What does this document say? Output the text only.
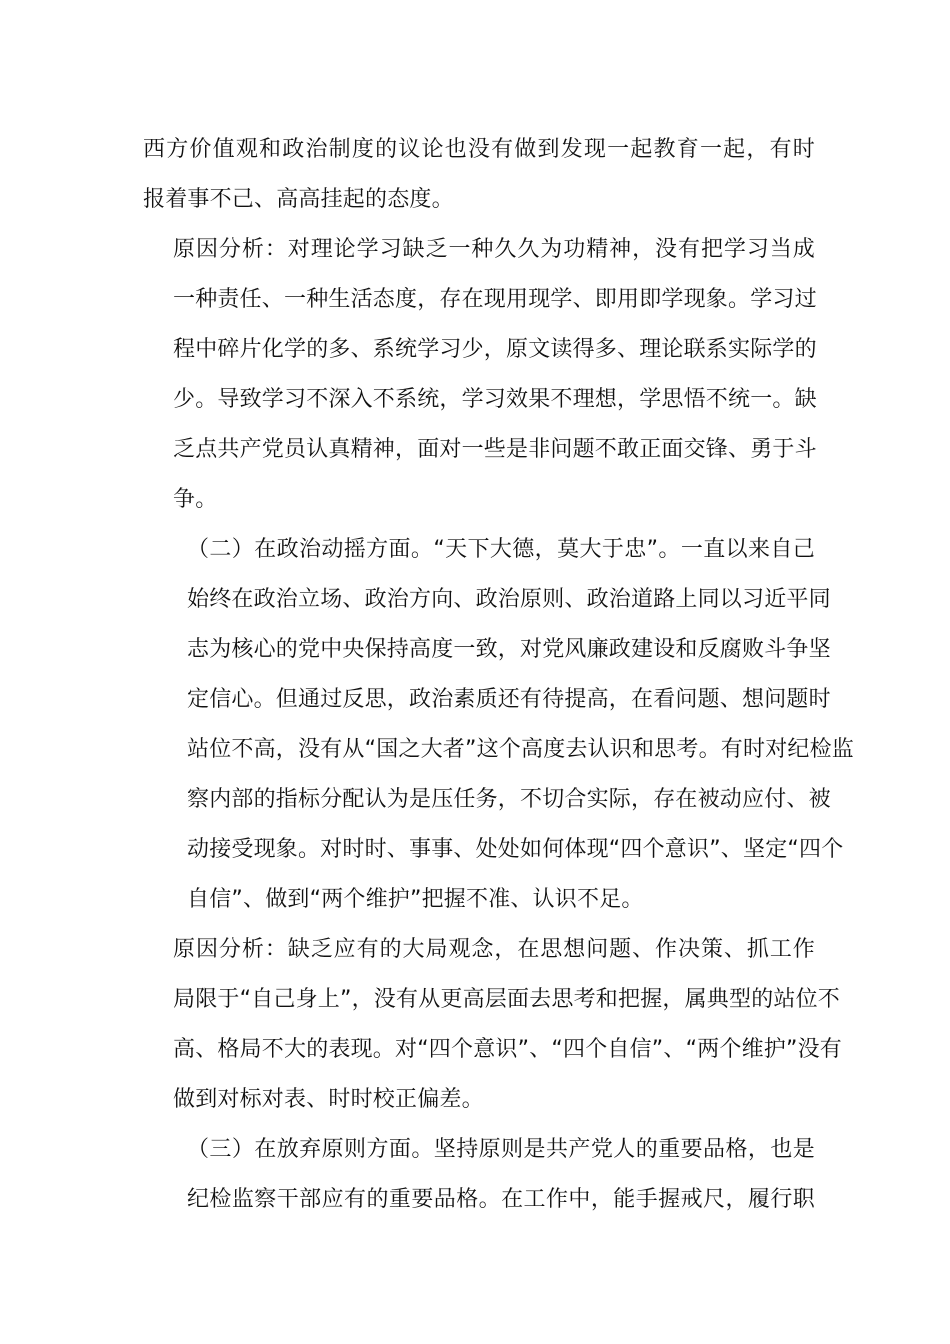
西方价值观和政治制度的议论也没有做到发现一起教育一起，有时
报着事不己、高高挂起的态度。

原因分析：对理论学习缺乏一种久久为功精神，没有把学习当成
一种责任、一种生活态度，存在现用现学、即用即学现象。学习过
程中碎片化学的多、系统学习少，原文读得多、理论联系实际学的
少。导致学习不深入不系统，学习效果不理想，学思悟不统一。缺
乏点共产党员认真精神，面对一些是非问题不敢正面交锋、勇于斗
争。

（二）在政治动摇方面。“天下大德，莫大于忠”。一直以来自己
始终在政治立场、政治方向、政治原则、政治道路上同以习近平同
志为核心的党中央保持高度一致，对党风廉政建设和反腐败斗争坚
定信心。但通过反思，政治素质还有待提高，在看问题、想问题时
站位不高，没有从“国之大者”这个高度去认识和思考。有时对纪检监
察内部的指标分配认为是压任务，不切合实际，存在被动应付、被
动接受现象。对时时、事事、处处如何体现“四个意识”、坚定“四个
自信”、做到“两个维护”把握不准、认识不足。

原因分析：缺乏应有的大局观念，在思想问题、作决策、抓工作
局限于“自己身上”，没有从更高层面去思考和把握，属典型的站位不
高、格局不大的表现。对“四个意识”、“四个自信”、“两个维护”没有
做到对标对表、时时校正偏差。

（三）在放弃原则方面。坚持原则是共产党人的重要品格，也是
纪检监察干部应有的重要品格。在工作中，能手握戒尺，履行职
